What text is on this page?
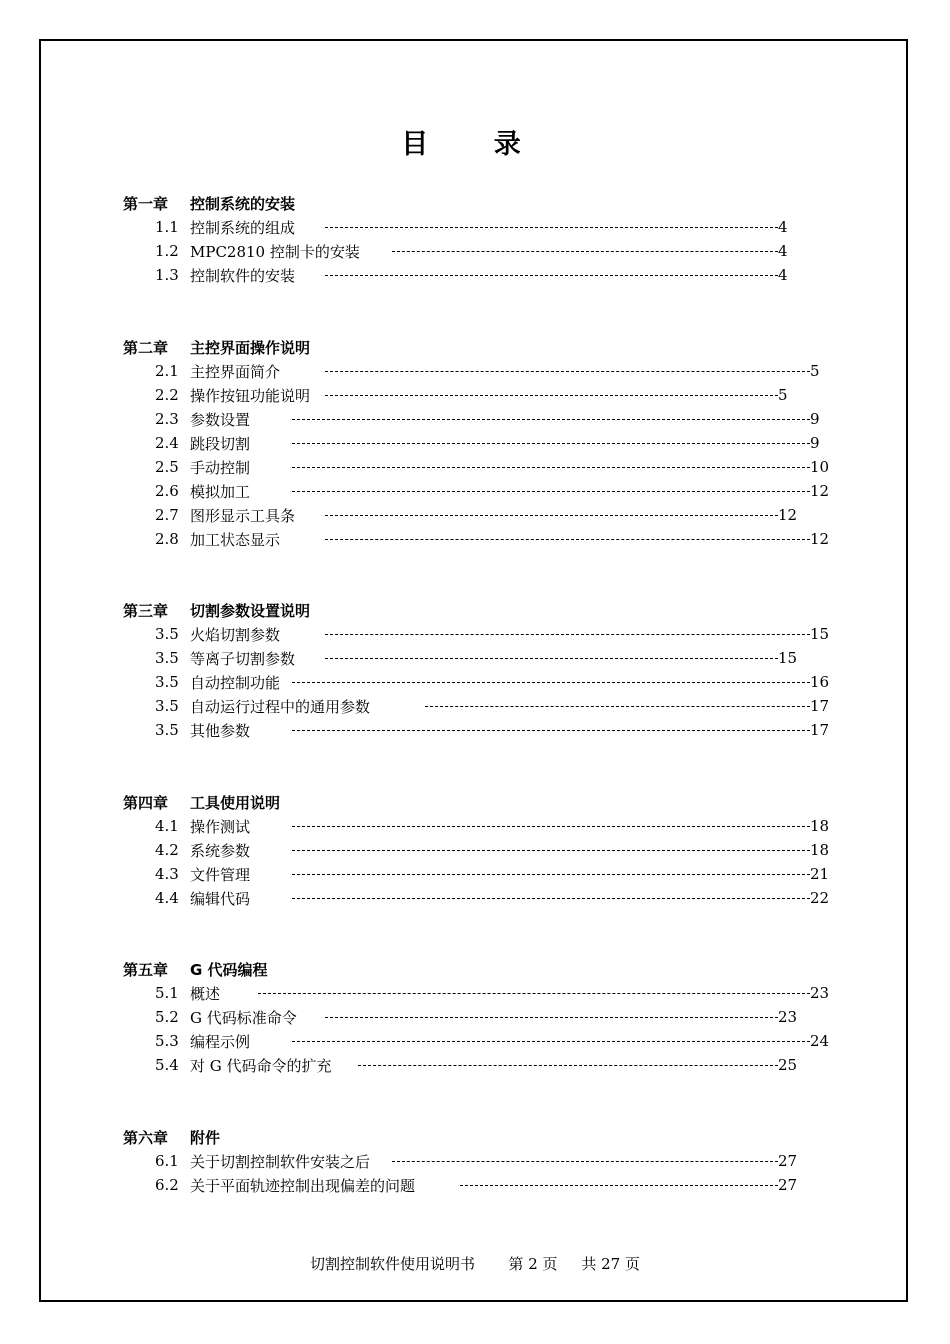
目 录
第一章 控制系统的安装
1.1 控制系统的组成	4
1.2 MPC2810 控制卡的安装	4
1.3 控制软件的安装	4
第二章 主控界面操作说明
2.1 主控界面简介	5
2.2 操作按钮功能说明	5
2.3 参数设置	9
2.4 跳段切割	9
2.5 手动控制	10
2.6 模拟加工	12
2.7 图形显示工具条	12
2.8 加工状态显示	12
第三章 切割参数设置说明
3.5 火焰切割参数	15
3.5 等离子切割参数	15
3.5 自动控制功能	16
3.5 自动运行过程中的通用参数	17
3.5 其他参数	17
第四章 工具使用说明
4.1 操作测试	18
4.2 系统参数	18
4.3 文件管理	21
4.4 编辑代码	22
第五章 G 代码编程
5.1 概述	23
5.2 G 代码标准命令	23
5.3 编程示例	24
5.4 对 G 代码命令的扩充	25
第六章 附件
6.1 关于切割控制软件安装之后	27
6.2 关于平面轨迹控制出现偏差的问题	27
切割控制软件使用说明书 第 2 页 共 27 页
